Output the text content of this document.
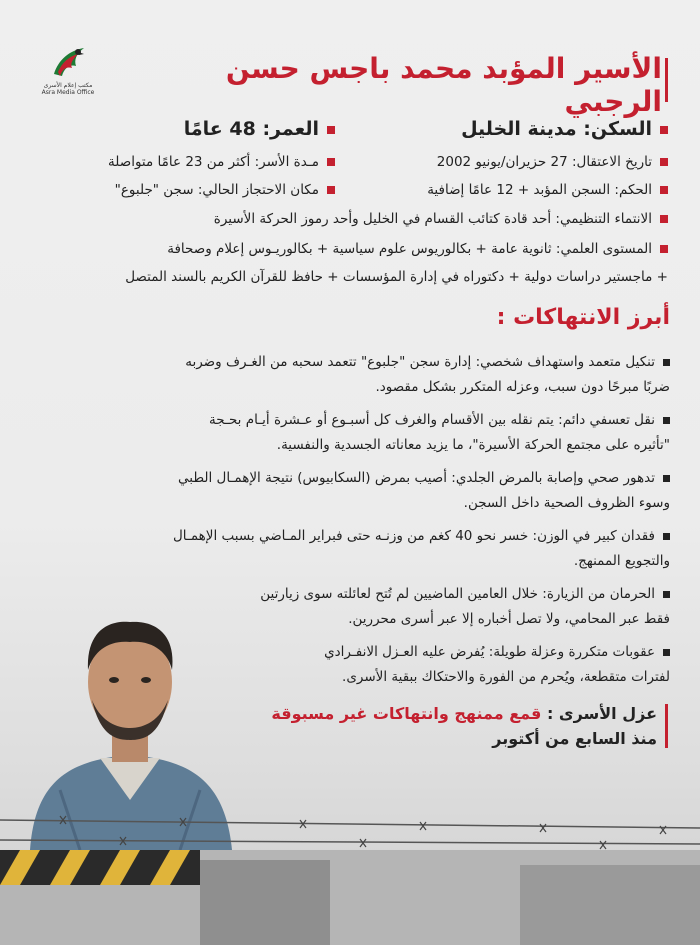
مكتب إعلام الأسرى
Asra Media Office
الأسير المؤبد محمد باجس حسن الرجبي
السكن: مدينة الخليل
العمر: 48 عامًا
تاريخ الاعتقال: 27 حزيران/يونيو 2002
مـدة الأسر: أكثر من 23 عامًا متواصلة
الحكم: السجن المؤبد + 12 عامًا إضافية
مكان الاحتجاز الحالي: سجن "جلبوع"
الانتماء التنظيمي: أحد قادة كتائب القسام في الخليل وأحد رموز الحركة الأسيرة
المستوى العلمي: ثانوية عامة + بكالوريوس علوم سياسية + بكالوريـوس إعلام وصحافة
+ ماجستير دراسات دولية + دكتوراه في إدارة المؤسسات + حافظ للقرآن الكريم بالسند المتصل
أبرز الانتهاكات :
تنكيل متعمد واستهداف شخصي: إدارة سجن "جلبوع" تتعمد سحبه من الغـرف وضربه
ضربًا مبرحًا دون سبب، وعزله المتكرر بشكل مقصود.
نقل تعسفي دائم: يتم نقله بين الأقسام والغرف كل أسبـوع أو عـشرة أيـام بحـجة
"تأثيره على مجتمع الحركة الأسيرة"، ما يزيد معاناته الجسدية والنفسية.
تدهور صحي وإصابة بالمرض الجلدي: أصيب بمرض (السكابيوس) نتيجة الإهمـال الطبي
وسوء الظروف الصحية داخل السجن.
فقدان كبير في الوزن: خسر نحو 40 كغم من وزنـه حتى فبراير المـاضي بسبب الإهمـال
والتجويع الممنهج.
الحرمان من الزيارة: خلال العامين الماضيين لم تُتح لعائلته سوى زيارتين
فقط عبر المحامي، ولا تصل أخباره إلا عبر أسرى محررين.
عقوبات متكررة وعزلة طويلة: يُفرض عليه العـزل الانفـرادي
لفترات متقطعة، ويُحرم من الفورة والاحتكاك ببقية الأسرى.
عزل الأسرى : قمع ممنهج وانتهاكات غير مسبوقة
منذ السابع من أكتوبر
